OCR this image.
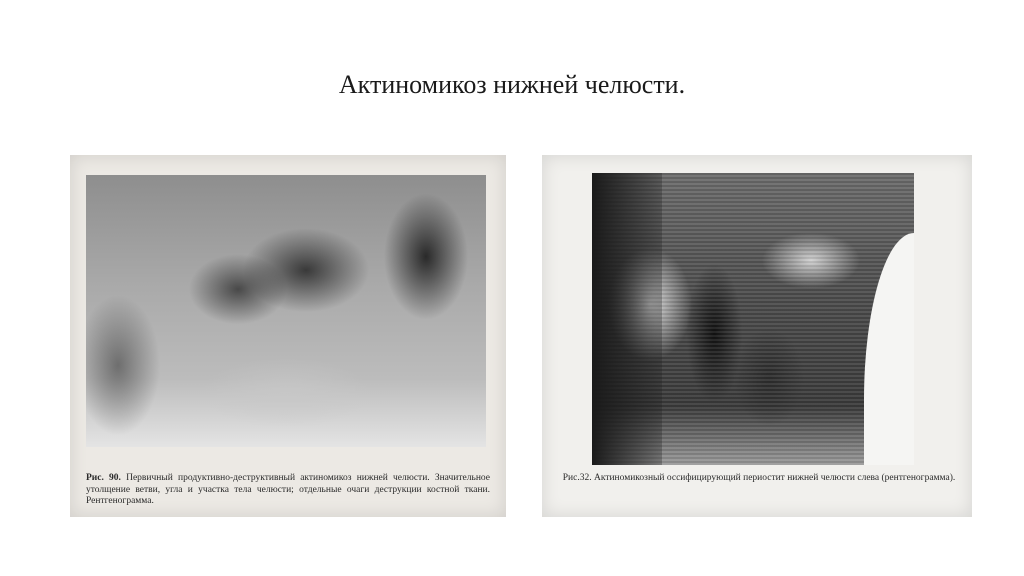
Актиномикоз нижней челюсти.
Рис. 90. Первичный продуктивно-деструктивный актиномикоз нижней челюсти. Значительное утолщение ветви, угла и участка тела челюсти; отдельные очаги деструкции костной ткани. Рентгенограмма.
Рис.32. Актиномикозный оссифицирующий периостит нижней челюсти слева (рентгенограмма).
